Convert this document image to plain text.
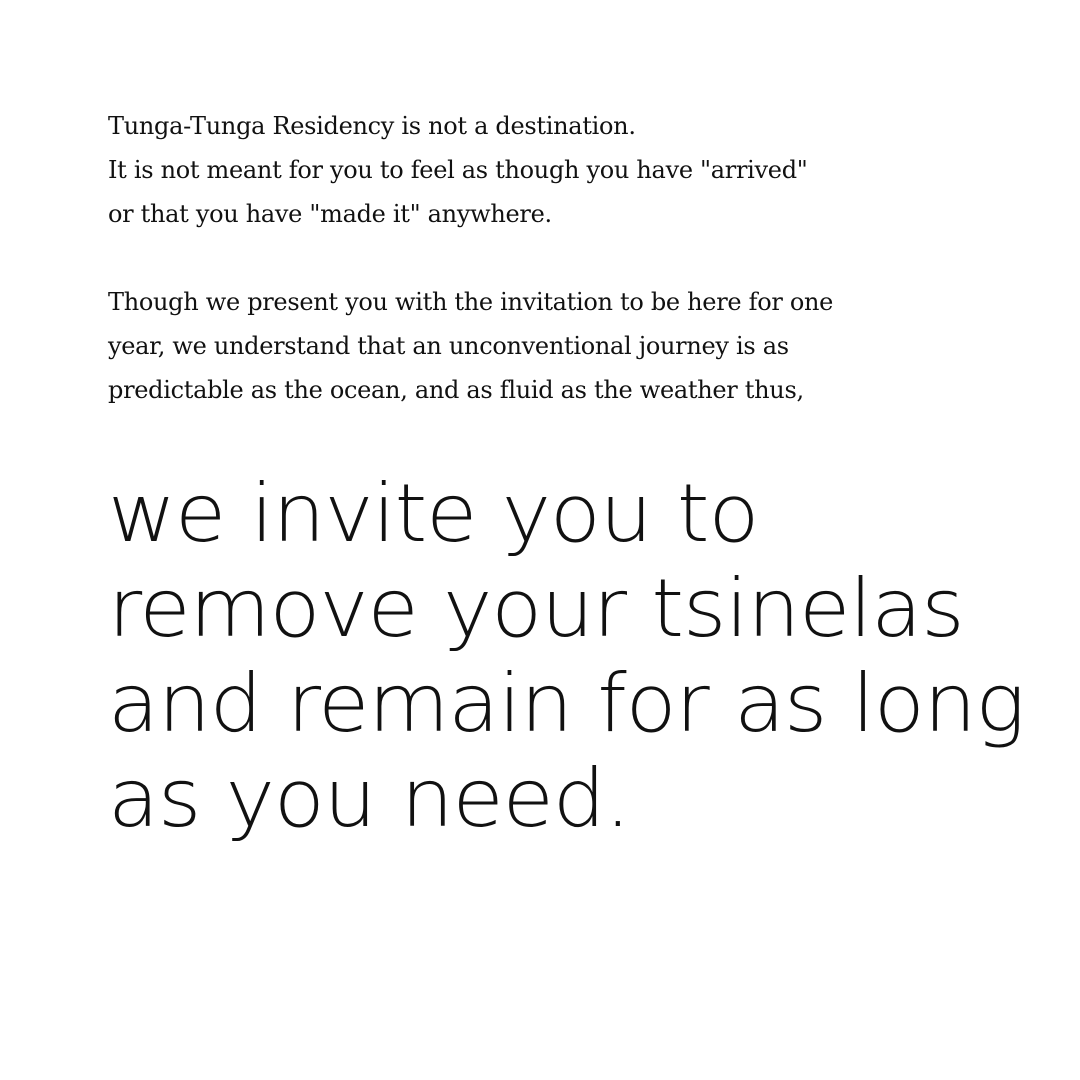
Tunga-Tunga Residency is not a destination.
It is not meant for you to feel as though you have "arrived"
or that you have "made it" anywhere.

Though we present you with the invitation to be here for one
year, we understand that an unconventional journey is as
predictable as the ocean, and as fluid as the weather thus,

we invite you to
remove your tsinelas
and remain for as long
as you need.
